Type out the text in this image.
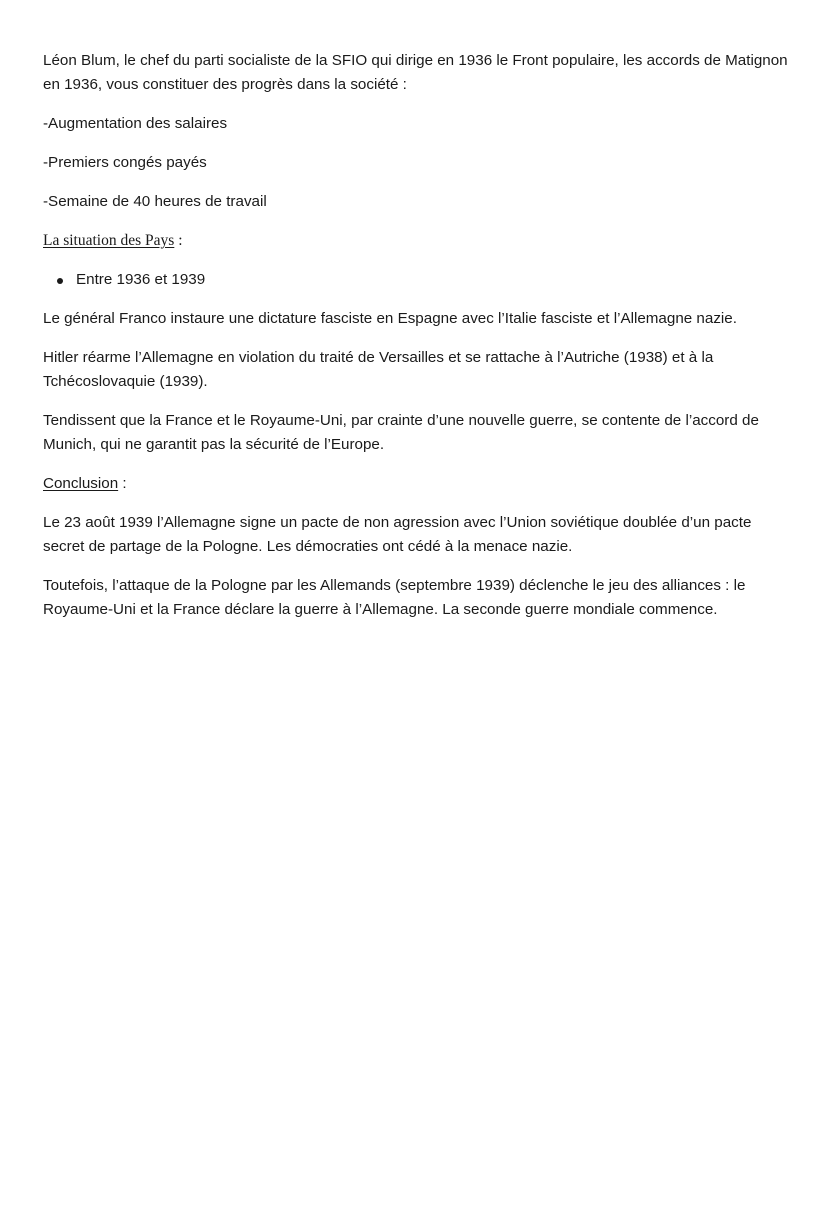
Léon Blum, le chef du parti socialiste de la SFIO qui dirige en 1936 le Front populaire, les accords de Matignon en 1936, vous constituer des progrès dans la société :

-Augmentation des salaires

-Premiers congés payés

-Semaine de 40 heures de travail

La situation des Pays :
Entre 1936 et 1939

Le général Franco instaure une dictature fasciste en Espagne avec l’Italie fasciste et l’Allemagne nazie.

Hitler réarme l’Allemagne en violation du traité de Versailles et se rattache à l’Autriche (1938) et à la Tchécoslovaquie (1939).

Tendissent que la France et le Royaume-Uni, par crainte d’une nouvelle guerre, se contente de l’accord de Munich, qui ne garantit pas la sécurité de l’Europe.

Conclusion :

Le 23 août 1939 l’Allemagne signe un pacte de non agression avec l’Union soviétique doublée d’un pacte secret de partage de la Pologne. Les démocraties ont cédé à la menace nazie.

Toutefois, l’attaque de la Pologne par les Allemands (septembre 1939) déclenche le jeu des alliances : le Royaume-Uni et la France déclare la guerre à l’Allemagne. La seconde guerre mondiale commence.
